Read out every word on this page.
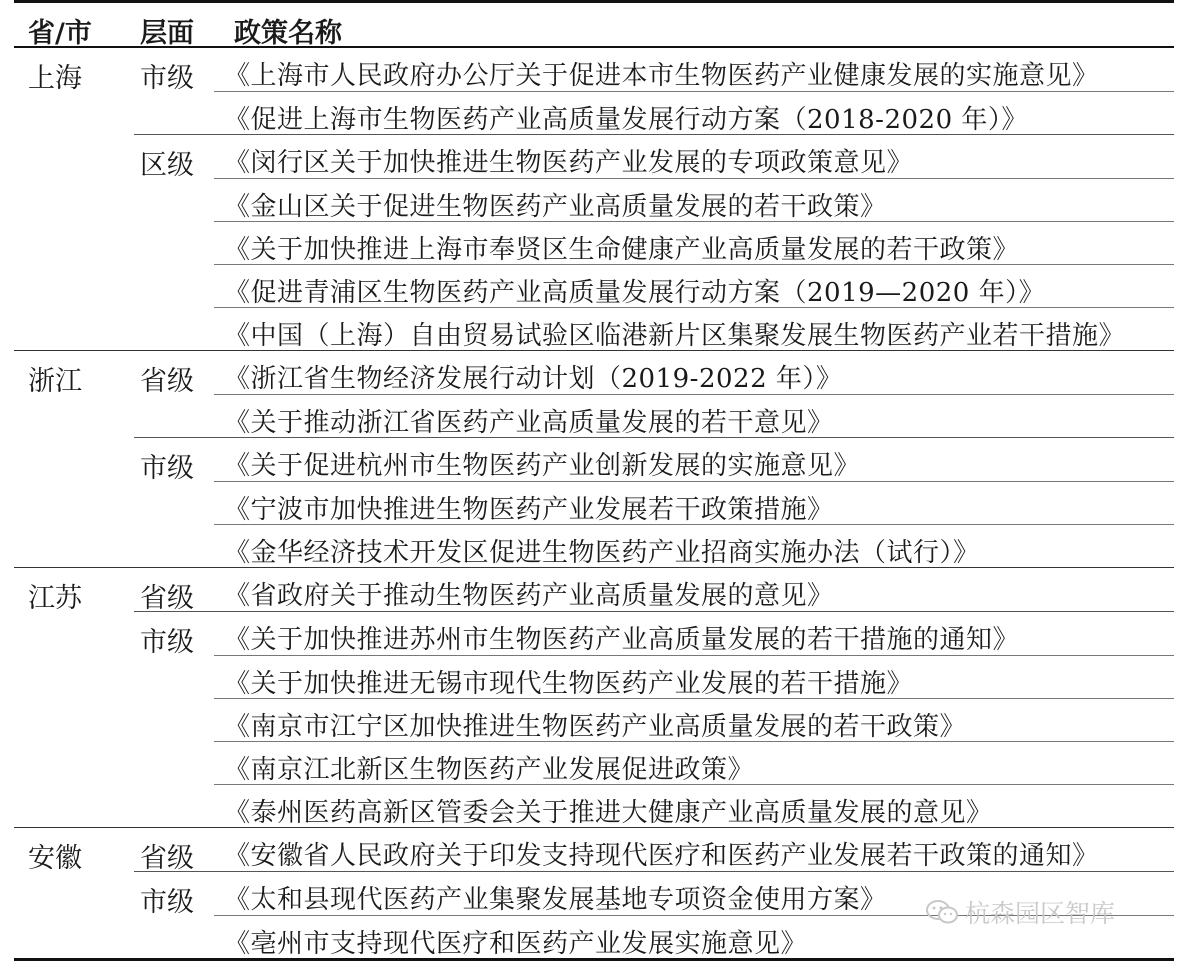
省/市 层面 政策名称
上海 市级 《上海市人民政府办公厅关于促进本市生物医药产业健康发展的实施意见》
《促进上海市生物医药产业高质量发展行动方案（2018-2020 年）》
区级 《闵行区关于加快推进生物医药产业发展的专项政策意见》
《金山区关于促进生物医药产业高质量发展的若干政策》
《关于加快推进上海市奉贤区生命健康产业高质量发展的若干政策》
《促进青浦区生物医药产业高质量发展行动方案（2019—2020 年）》
《中国（上海）自由贸易试验区临港新片区集聚发展生物医药产业若干措施》
浙江 省级 《浙江省生物经济发展行动计划（2019-2022 年）》
《关于推动浙江省医药产业高质量发展的若干意见》
市级 《关于促进杭州市生物医药产业创新发展的实施意见》
《宁波市加快推进生物医药产业发展若干政策措施》
《金华经济技术开发区促进生物医药产业招商实施办法（试行）》
江苏 省级 《省政府关于推动生物医药产业高质量发展的意见》
市级 《关于加快推进苏州市生物医药产业高质量发展的若干措施的通知》
《关于加快推进无锡市现代生物医药产业发展的若干措施》
《南京市江宁区加快推进生物医药产业高质量发展的若干政策》
《南京江北新区生物医药产业发展促进政策》
《泰州医药高新区管委会关于推进大健康产业高质量发展的意见》
安徽 省级 《安徽省人民政府关于印发支持现代医疗和医药产业发展若干政策的通知》
市级 《太和县现代医药产业集聚发展基地专项资金使用方案》
《亳州市支持现代医疗和医药产业发展实施意见》
杭森园区智库
